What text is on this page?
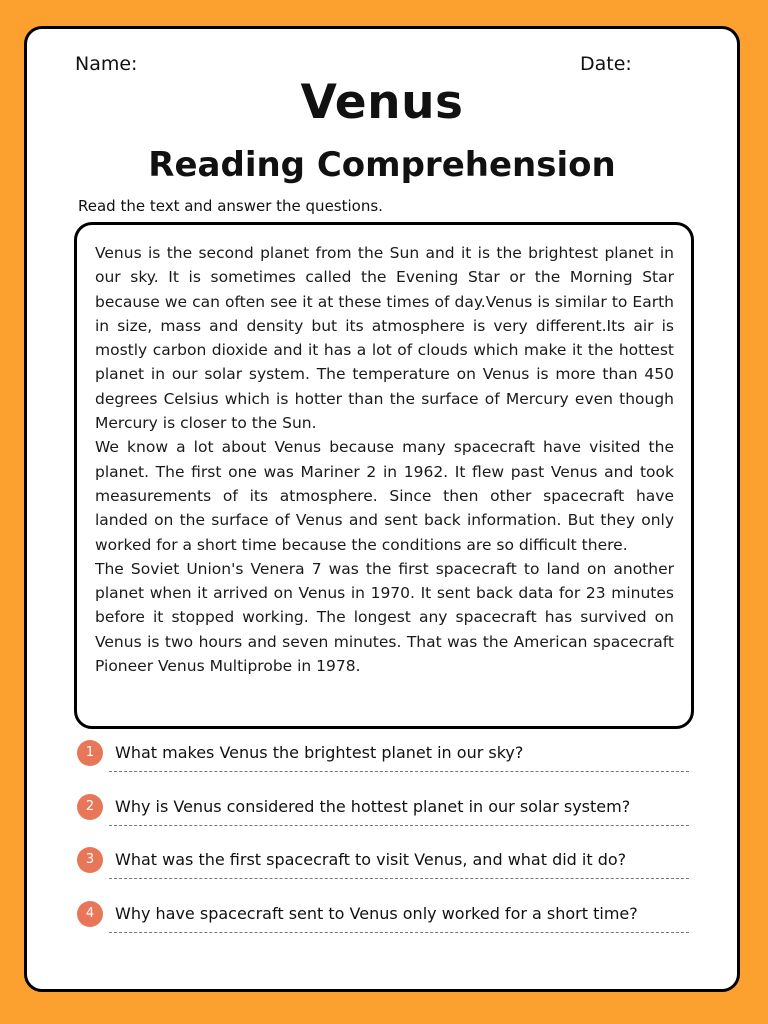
Name:	Date:
Venus
Reading Comprehension
Read the text and answer the questions.

Venus is the second planet from the Sun and it is the brightest planet in our sky. It is sometimes called the Evening Star or the Morning Star because we can often see it at these times of day.Venus is similar to Earth in size, mass and density but its atmosphere is very different.Its air is mostly carbon dioxide and it has a lot of clouds which make it the hottest planet in our solar system. The temperature on Venus is more than 450 degrees Celsius which is hotter than the surface of Mercury even though Mercury is closer to the Sun.

We know a lot about Venus because many spacecraft have visited the planet. The first one was Mariner 2 in 1962. It flew past Venus and took measurements of its atmosphere. Since then other spacecraft have landed on the surface of Venus and sent back information. But they only worked for a short time because the conditions are so difficult there.

The Soviet Union's Venera 7 was the first spacecraft to land on another planet when it arrived on Venus in 1970. It sent back data for 23 minutes before it stopped working. The longest any spacecraft has survived on Venus is two hours and seven minutes. That was the American spacecraft Pioneer Venus Multiprobe in 1978.

1	What makes Venus the brightest planet in our sky?
2	Why is Venus considered the hottest planet in our solar system?
3	What was the first spacecraft to visit Venus, and what did it do?
4	Why have spacecraft sent to Venus only worked for a short time?
